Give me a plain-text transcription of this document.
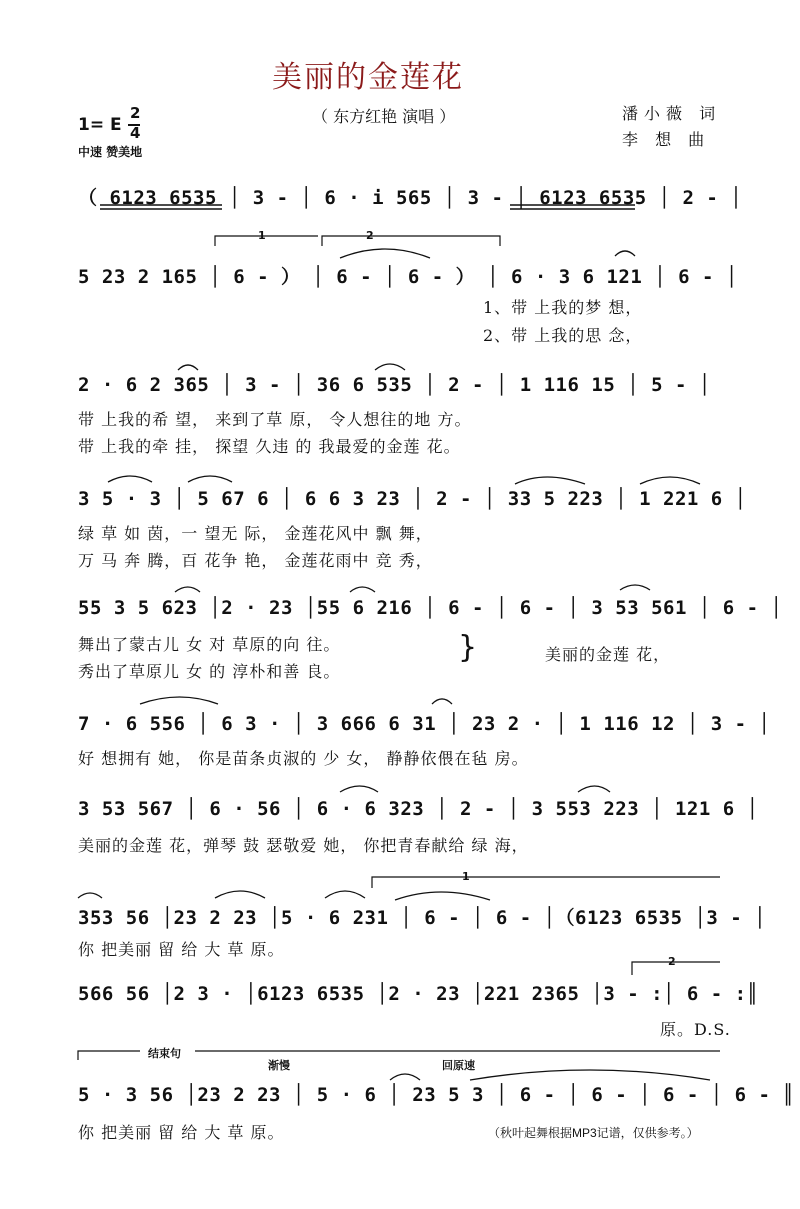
美丽的金莲花
（ 东方红艳 演唱 ）
1= E
2
4
中速 赞美地
潘小薇 词
李 想 曲
（ 6123 6535 │ 3 - │ 6 · i 565 │ 3 - │ 6123 6535 │ 2 - │
1	2
5 23 2 165 │ 6 - ） │ 6 - │ 6 - ） │ 6 · 3 6 121 │ 6 - │
1、带 上我的梦 想，
2、带 上我的思 念，
2 · 6 2 365 │ 3 - │ 36 6 535 │ 2 - │ 1 116 15 │ 5 - │
带 上我的希 望， 来到了草 原， 令人想往的地 方。
带 上我的牵 挂， 探望 久违 的 我最爱的金莲 花。
3 5 · 3 │ 5 67 6 │ 6 6 3 23 │ 2 - │ 33 5 223 │ 1 221 6 │
绿 草 如 茵，一 望无 际， 金莲花风中 飘 舞，
万 马 奔 腾，百 花争 艳， 金莲花雨中 竞 秀，
55 3 5 623 │2 · 23 │55 6 216 │ 6 - │ 6 - │ 3 53 561 │ 6 - │
舞出了蒙古儿 女 对 草原的向 往。
秀出了草原儿 女 的 淳朴和善 良。
}	美丽的金莲 花，
7 · 6 556 │ 6 3 · │ 3 666 6 31 │ 23 2 · │ 1 116 12 │ 3 - │
好 想拥有 她， 你是苗条贞淑的 少 女， 静静依偎在毡 房。
3 53 567 │ 6 · 56 │ 6 · 6 323 │ 2 - │ 3 553 223 │ 121 6 │
美丽的金莲 花，弹琴 鼓 瑟敬爱 她， 你把青春献给 绿 海，
1
353 56 │23 2 23 │5 · 6 231 │ 6 - │ 6 - │（6123 6535 │3 - │
你 把美丽 留 给 大 草 原。
2
566 56 │2 3 · │6123 6535 │2 · 23 │221 2365 │3 - :│ 6 - :║
原。D.S.
结束句
渐慢	回原速
5 · 3 56 │23 2 23 │ 5 · 6 │ 23 5 3 │ 6 - │ 6 - │ 6 - │ 6 - ║
你 把美丽 留 给 大 草 原。	（秋叶起舞根据MP3记谱，仅供参考。）
